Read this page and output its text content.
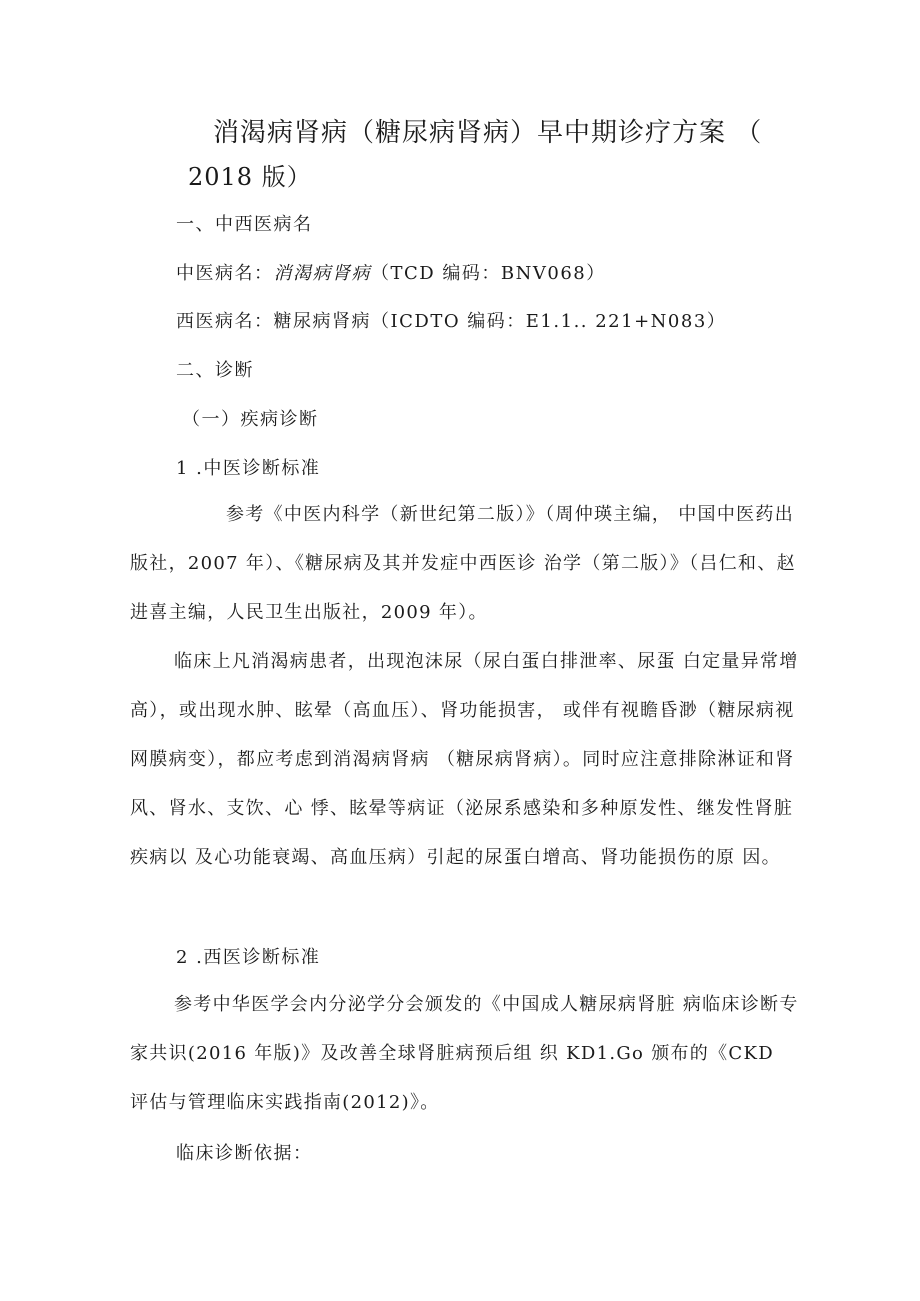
消渴病肾病（糖尿病肾病）早中期诊疗方案 （
2018 版）
一、中西医病名
中医病名：消渴病肾病（TCD 编码：BNV068）
西医病名：糖尿病肾病（ICDTO 编码：E1.1.. 221+N083）
二、诊断
（一）疾病诊断
1 .中医诊断标准
参考《中医内科学（新世纪第二版）》（周仲瑛主编， 中国中医药出版社，2007 年）、《糖尿病及其并发症中西医诊 治学（第二版）》（吕仁和、赵进喜主编，人民卫生出版社，2009 年）。
临床上凡消渴病患者，出现泡沫尿（尿白蛋白排泄率、尿蛋 白定量异常增高），或出现水肿、眩晕（高血压）、肾功能损害， 或伴有视瞻昏渺（糖尿病视网膜病变），都应考虑到消渴病肾病 （糖尿病肾病）。同时应注意排除淋证和肾风、肾水、支饮、心 悸、眩晕等病证（泌尿系感染和多种原发性、继发性肾脏疾病以 及心功能衰竭、高血压病）引起的尿蛋白增高、肾功能损伤的原 因。
2 .西医诊断标准
参考中华医学会内分泌学分会颁发的《中国成人糖尿病肾脏 病临床诊断专家共识(2016 年版)》及改善全球肾脏病预后组 织 KD1.Go 颁布的《CKD 评估与管理临床实践指南(2012)》。
临床诊断依据：
